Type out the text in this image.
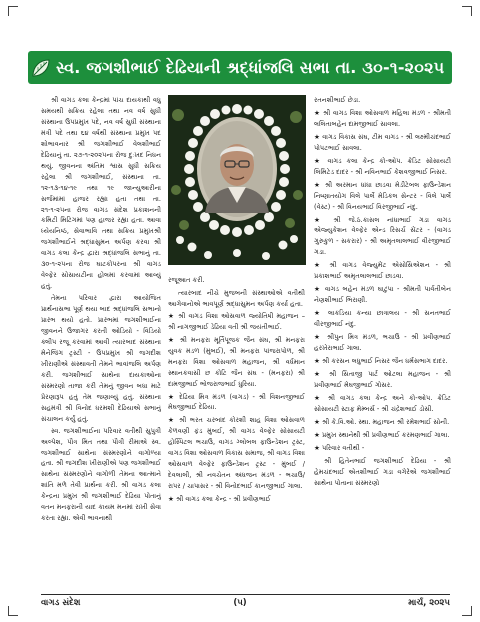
સ્વ. જગશીભાઈ દેઢિયાની શ્રદ્ધાંજલિ સભા તા. ૩૦-૧-૨૦૨૫

શ્રી વાગડ કલા કેન્દ્રમાં પાંચ દાયકાથી વધુ સમયથી સક્રિય રહેલા તથા નવ વર્ષ સુધી સંસ્થાના ઉપપ્રમુખ પદે, નવ વર્ષ સુધી સંસ્થાના મંત્રી પદે તથા ૬૪ વર્ષથી સંસ્થાના પ્રમુખ પદ શોભાવનાર શ્રી જગશીભાઈ વેલશીભાઈ દેઢિયાનું તા. ૨૭-૧-૨૦૨૫ના રોજ દુઃખદ નિધન થયું. જીવનના અંતિમ શ્વાસ સુધી સક્રિય રહેલા શ્રી જગશીભાઈ, સંસ્થાના તા. ૧૨-૧૩-૧૪-૧૯ તથા ૧૯ જાન્યુઆરીના સર્જમાંમાં હાજર રહ્યા હતા તથા તા. ૨૧-૧-૨૫ના રોજ વાગડ સંદેશ પ્રકાશનની કમિટી મિટિંગમાં પણ હાજર રહ્યા હતા. આવા ધ્યેયનિષ્ઠ, સેવાભાવિ તથા સક્રિય પ્રમુખશ્રી જગશીભાઈને શ્રદ્ધાસુમન અર્પણ કરવા શ્રી વાગડ કલા કેન્દ્ર દ્વારા શ્રદ્ધાંજલિ સભાનું તા. ૩૦-૧-૨૫ના રોજ ઘાટકોપરના શ્રી વાગડ વેલ્ફેર સોસાયટીના હોલમાં કરવામાં આવ્યું હતું.

તેમના પરિવાર દ્વારા આયોજિત પ્રાર્થનાસભા પૂર્ણ થયા બાદ શ્રદ્ધાંજલિ સભાનો પ્રારંભ થયો હતો. પ્રારંભમાં જગશીભાઈના જીવનને ઉજાગર કરતી ઓડિયો - વિડિયો ક્લીપ રજૂ કરવામાં આવી ત્યારબાદ સંસ્થાના મેનેજિંગ ટ્રસ્ટી - ઉપપ્રમુખ શ્રી જગદીશ ખીરાણીએ સંસ્થાવતી તેમને ભાવાંજલિ અર્પણ કરી. જગશીભાઈ સાથેના દાયકાઓના સંસ્મરણો તાજા કરી તેમનું જીવન બધા માટે પ્રેરણારૂપ હતું તેમ જણાવ્યું હતું. સંસ્થાના સહમંત્રી શ્રી વિનોદ ધરમશી દેઢિયાએ સભાનું સંચાલન કર્યું હતું.

સ્વ. જગશીભાઈના પરિવાર વતીથી સુપુત્રી અલ્પેશ, પૌત્ર મિત તથા પૌત્રી રીમાએ સ્વ. જગશીભાઈ સાથેના સંસ્મરણોને વાગોળ્યા હતા. શ્રી જગદીશ ખીરાણીએ પણ જગશીભાઈ સાથેના સંસ્મરણોને વાગોળી તેમના આત્માને શાંતિ મળે તેવી પ્રાર્થના કરી. શ્રી વાગડ કલા કેન્દ્રના પ્રમુખ શ્રી જગશીભાઈ દેઢિયા પોતાનું વતન મનફરાની યાદ કાયમ મનમાં રાખી સેવા કરતા રહ્યા. એવી ભાવનાથી

રજૂઆત કરી.

ત્યારબાદ નીચે મુજબની સંસ્થાઓએ વતીથી આગેવાનોએ ભાવપૂર્ણ શ્રદ્ધાસુમન અર્પણ કર્યા હતા.

★ શ્રી વાગડ વિશા ઓસવાળ જ્યોતિષી મહાજન – શ્રી નાગજીભાઈ ડેઢિયા વતી શ્રી જયંતીભાઈ.
★ શ્રી મનફરા મૂર્તિપૂજક જૈન સંઘ, શ્રી મનફરા યુવક મંડળ (મુંબઈ), શ્રી મનફરા પાંજરાપોળ, શ્રી મનફરા વિશા ઓસવાળ મહાજન, શ્રી વર્ધમાન સ્થાનકવાસી છ કોટિ જૈન સંઘ - (મનફરા) શ્રી દામજીભાઈ ભોજરાજભાઈ ધુરિયા.
★ દેઢિયા મિત્ર મંડળ (વાગડ) - શ્રી વિશનજીભાઈ મેઘજીભાઈ દેઢિયા.
★ શ્રી ભરત ચરબાંદ કોરશી શાહ વિશા ઓસવાળ કેળવણી ફંડ મુંબઈ, શ્રી વાગડ વેલ્ફેર સોસાયટી હોસ્પિટલ ભચાઉ, વાગડ ગ્લોબલ ફાઉન્ડેશન ટ્રસ્ટ, વાગડ વિશા ઓસવાળ વિકાસ સમાજ, શ્રી વાગડ વિશા ઓસવાળ વેલ્ફેર ફાઉન્ડેશન ટ્રસ્ટ - મુંબઈ / દેવલાલી, શ્રી નવચેતન અંધજન મંડળ - ભચાઉ/ રાપર / ચાપાસર - શ્રી વિનોદભાઈ કાનજીભાઈ ગાલા.
★ શ્રી વાગડ કલા કેન્દ્ર - શ્રી પ્રવીણભાઈ
રતનશીભાઈ છેડા.
★ શ્રી વાગડ વિશા ઓસવાળ મહિલા મંડળ - શ્રીમતી લલિતાબહેન દામજીભાઈ સાવલા.
★ વાગડ વિકાસ સંઘ, ટીમ વાગડ - શ્રી લક્ષ્મીચંદભાઈ પોપટભાઈ સાવલા.
★ વાગડ કલા કેન્દ્ર કો-ઓપ. ક્રેડિટ સોસાયટી લિમિટેડ દાદર - શ્રી નવિનભાઈ કેશવજીભાઈ નિસર.
★ શ્રી અરમાન ધાંધા છાડવા મેડીટેબલ ફાઉન્ડેશન નિષ્ણાતયોગ વિલે પાર્લે મેડિકલ સેન્ટર - વિલે પાર્લે (વેસ્ટ) - શ્રી વિનયભાઈ વિરજીભાઈ નંદુ.
★ શ્રી જે.ઠ.કાસલ નાંધાભાઈ ગડા વાગડ એજ્યુકેશન વેલ્ફેર એન્ડ રિસર્ચ સેંટર - (વાગડ ગુરુકુળ - સકરાર) - શ્રી અમૃતલાલભાઈ વીરજીભાઈ ગડા.
★ શ્રી વાગડ વેજ્યુમેંટ એસોસિએશન - શ્રી પ્રકાશભાઈ અમૃતલાલભાઈ છાડવા.
★ વાગડ બહેન મંડળ ઘાટુંપા - શ્રીમતી પાર્વતીબેન નેણશીભાઈ ભિરાણી.
★ લાકડિયા કન્યા છાત્રાલય - શ્રી સનતભાઈ વીરજીભાઈ નંદુ.
★ શ્રીપુન મિત્ર મંડળ, ભચાઉ - શ્રી પ્રવીણભાઈ હરખેરાભાઈ ગાલા.
★ શ્રી કરસન લધુભાઈ નિસર જૈન ધર્મસભાગ દાદર.
★ શ્રી સિતાજી પાર્ટ ઓટલા મહાજન - શ્રી પ્રવીણભાઈ મેઘજીભાઈ ગોસર.
★ શ્રી વાગડ કલા કેન્દ્ર અને કો-ઓપ. ક્રેડિટ સોસાયટી સ્ટાફ મેમ્બર્સ - શ્રી ચંદ્રેશભાઈ ડોસી.
★ શ્રી કે.વિ.ઓ. સ્થા. મહાજન શ્રી રમેશભાઈ સોની.
★ પ્રમુખ સ્થાનેથી શ્રી પ્રવીણભાઈ કરમણભાઈ ગાલા.
★ પરિવાર વતીથી -

શ્રી હિતેનભાઈ જગશીભાઈ દેઢિયા - શ્રી હેમચંદભાઈ એતશીભાઈ ગડા વગેરેએ જગશીભાઈ સાથેના પોતાના સંસ્મરણો

વાગડ સંદેશ	(૫)	માર્ચ, ૨૦૨૫
